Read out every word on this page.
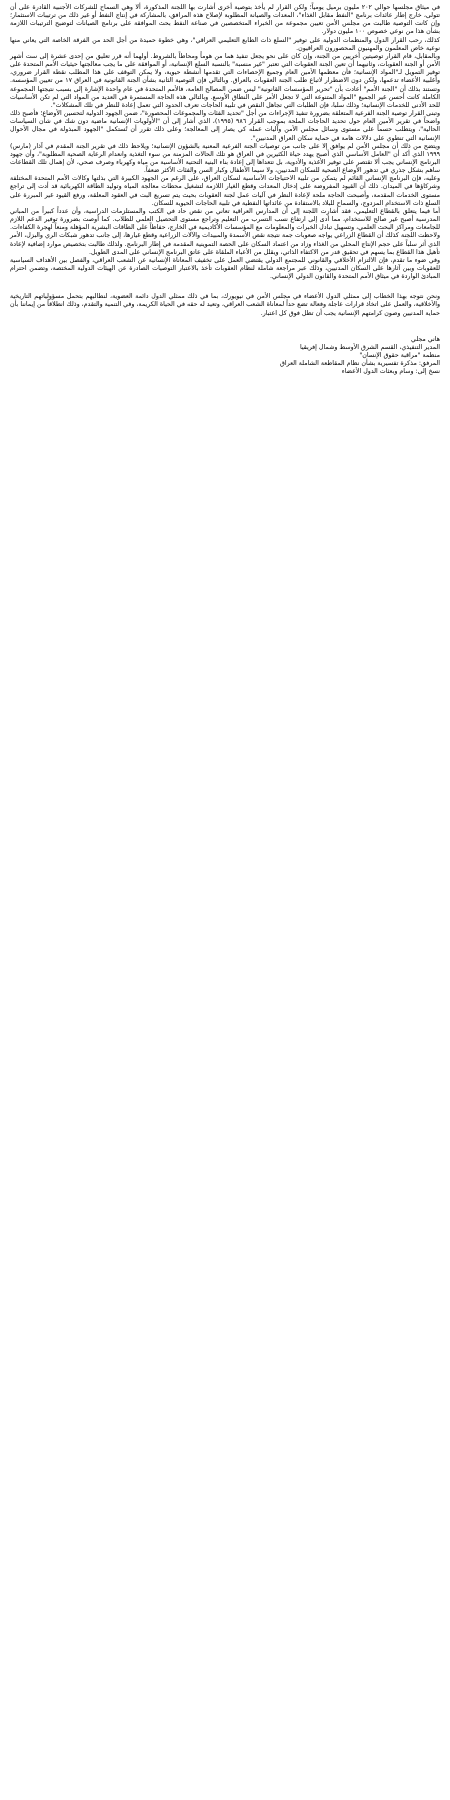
في ميثاق مجلسها حوالي ٢٠٢ مليون برميل يومياً؛ ولكن القرار لم يأخذ بتوصية أخرى أشارت بها اللجنة المذكورة، ألا وهي السماح للشركات الأجنبية القادرة على أن تتولى، خارج إطار عائدات برنامج "النفط مقابل الغذاء"، المعدات والصيانة المطلوبة لإصلاح هذه المرافق، بالمشاركة في إنتاج النفط أو غير ذلك من ترتيبات الاستثمار؛ وإن كانت التوصية طالبت من مجلس الأمن تعيين مجموعة من الخبراء المتخصصين في صناعة النفط بحث الموافقة على برنامج الصيانات لتوضيح الترتيبات اللازمة بشأن هذا من نوعي خصوص ١٠٠ مليون دولار.

كذلك، رحب القرار الدول والمنظمات الدولية على توفير "السلع ذات الطابع التعليمي العراقي"، وهي خطوة حميدة من أجل الحد من الفرقة الخاصة التي يعاني منها نوعية خاص المعلمون والمهنيون المحصورون العراقيون.

وبالمقابل، قام القرار توصيتين أخريين من الجنة، وإن كان على نحو يجعل تنفيذ هما من هوماً ومحاطاً بالشروط. أولهما أنه قرر تعليق من إحدى عشرة إلى ست أشهر الأمن أو الجنة العقوبات، وثانيهما أن تعين الجنة العقوبات التي تعتبر "غير منسبة" بالنسبة السلع الإنسانية، أو الموافقة على ما يجب معالجتها حيثيات الأمم المتحدة على توفير التمويل لـ"المواد الإنسانية؛ فأن معظمها الأمين العام وجميع الإحصاءات التي تقدمها أنشطة حيوية، ولا يمكن التوقف على هذا المطلب نقطة القرار ضروري، وأغلبية الأعضاء تدعمها، ولكن دون الاضطرار لاتباع طلب الجنة العقوبات بالعراق. وبالتالي فإن التوصية الثانية بشأن الجنة القانونية في العراق ١٧ من تعيين المؤسسة. وتستند بذلك أن "الجنة الأمم" أعادت بأن "تحرير المؤسسات القانونية" ليس ضمن المصالح العامة، فالأمم المتحدة في عام واحدة الإشارة إلى بسبب نتيجتها المجموعة الكاملة كانت أحسن غير الجميع "المواد المتنوعة التي لا تجعل الأمر على النطاق الأوسع. وبالتالي هذه الحاجة المستمرة في العديد من المواد التي لم تكن الأساسيات للحد الأدنى للخدمات الإنسانية؛ وذلك سلبا، فإن الطلبات التي تجاهل النقص في تلبية الحاجات تعرف الحدود التي تعمل إعادة للنظر في تلك المشكلات".

وتبنى القرار توصية الجنة الفرعية المتعلقة بضرورة تنفيذ الإجراءات من أجل "تحديد الفئات والمجموعات المحصورة"، ضمن الجهود الدولية لتحسين الأوضاع؛ فأصبح ذلك واضحاً في تقرير الأمين العام حول تحديد الحاجات الملحة بموجب القرار ٩٨٦ (١٩٩٥)، الذي أشار إلى أن "الأولويات الإنسانية ماضية دون شك في شأن السياسات الحالية"، ويتطلب حسماً على مستوى وسائل مجلس الأمن وآليات عمله كي يصار إلى المعالجة؛ وعلى ذلك تقرر أن تُستكمل "الجهود المبذولة في مجال الأحوال الإنسانية التي تنطوي على دلالات هامة في حماية سكان العراق المدنيين".

ويتضح من ذلك أن مجلس الأمن لم يوافق إلا على جانب من توصيات الجنة الفرعية المعنية بالشؤون الإنسانية؛ ويلاحظ ذلك في تقرير الجنة المقدم في آذار (مارس) ١٩٩٩ الذي أكد أن "العامل الأساسي الذي أصبح يهدد حياة الكثيرين في العراق هو تلك الحالات المزمنة من سوء التغذية وانعدام الرعاية الصحية المطلوبة"، وأن جهود البرنامج الإنساني يجب ألا تقتصر على توفير الأغذية والأدوية، بل تتعداها إلى إعادة بناء البنية التحتية الأساسية من مياه وكهرباء وصرف صحي، لأن إهمال تلك القطاعات ساهم بشكل جذري في تدهور الأوضاع الصحية للسكان المدنيين، ولا سيما الأطفال وكبار السن والفئات الأكثر ضعفاً.

وعليه، فإن البرنامج الإنساني القائم لم يتمكن من تلبية الاحتياجات الأساسية لسكان العراق، على الرغم من الجهود الكبيرة التي بذلتها وكالات الأمم المتحدة المختلفة وشركاؤها في الميدان. ذلك أن القيود المفروضة على إدخال المعدات وقطع الغيار اللازمة لتشغيل محطات معالجة المياه وتوليد الطاقة الكهربائية قد أدت إلى تراجع مستوى الخدمات المقدمة، وأصبحت الحاجة ملحة لإعادة النظر في آليات عمل لجنة العقوبات بحيث يتم تسريع البت في العقود المعلقة، ورفع القيود غير المبررة على السلع ذات الاستخدام المزدوج، والسماح للبلاد بالاستفادة من عائداتها النفطية في تلبية الحاجات الحيوية للسكان.

أما فيما يتعلق بالقطاع التعليمي، فقد أشارت اللجنة إلى أن المدارس العراقية تعاني من نقص حاد في الكتب والمستلزمات الدراسية، وأن عدداً كبيراً من المباني المدرسية أصبح غير صالح للاستخدام، مما أدى إلى ارتفاع نسب التسرب من التعليم وتراجع مستوى التحصيل العلمي للطلاب. كما أوصت بضرورة توفير الدعم اللازم للجامعات ومراكز البحث العلمي، وتسهيل تبادل الخبرات والمعلومات مع المؤسسات الأكاديمية في الخارج، حفاظاً على الطاقات البشرية المؤهلة ومنعاً لهجرة الكفاءات.

ولاحظت اللجنة كذلك أن القطاع الزراعي يواجه صعوبات جمة نتيجة نقص الأسمدة والمبيدات والآلات الزراعية وقطع غيارها، إلى جانب تدهور شبكات الري والبزل، الأمر الذي أثر سلباً على حجم الإنتاج المحلي من الغذاء وزاد من اعتماد السكان على الحصة التموينية المقدمة في إطار البرنامج. ولذلك طالبت بتخصيص موارد إضافية لإعادة تأهيل هذا القطاع بما يسهم في تحقيق قدر من الاكتفاء الذاتي، ويقلل من الأعباء الملقاة على عاتق البرنامج الإنساني على المدى الطويل.

وفي ضوء ما تقدم، فإن الالتزام الأخلاقي والقانوني للمجتمع الدولي يقتضي العمل على تخفيف المعاناة الإنسانية عن الشعب العراقي، والفصل بين الأهداف السياسية للعقوبات وبين آثارها على السكان المدنيين، وذلك عبر مراجعة شاملة لنظام العقوبات تأخذ بالاعتبار التوصيات الصادرة عن الهيئات الدولية المختصة، وتضمن احترام المبادئ الواردة في ميثاق الأمم المتحدة والقانون الدولي الإنساني.

ونحن نتوجه بهذا الخطاب إلى ممثلي الدول الأعضاء في مجلس الأمن في نيويورك، بما في ذلك ممثلي الدول دائمة العضوية، لنطالبهم بتحمل مسؤولياتهم التاريخية والأخلاقية، والعمل على اتخاذ قرارات عاجلة وفعالة تضع حداً لمعاناة الشعب العراقي، وتعيد له حقه في الحياة الكريمة، وفي التنمية والتقدم، وذلك انطلاقاً من إيماننا بأن حماية المدنيين وصون كرامتهم الإنسانية يجب أن تظل فوق كل اعتبار.

هاني مجلي
المدير التنفيذي، القسم الشرق الأوسط وشمال إفريقيا
منظمة "مراقبة حقوق الإنسان"
المرفق: مذكرة تفسيرية بشأن نظام المقاطعة الشاملة العراق
نسخ إلى: وسام وبعثات الدول الأعضاء
